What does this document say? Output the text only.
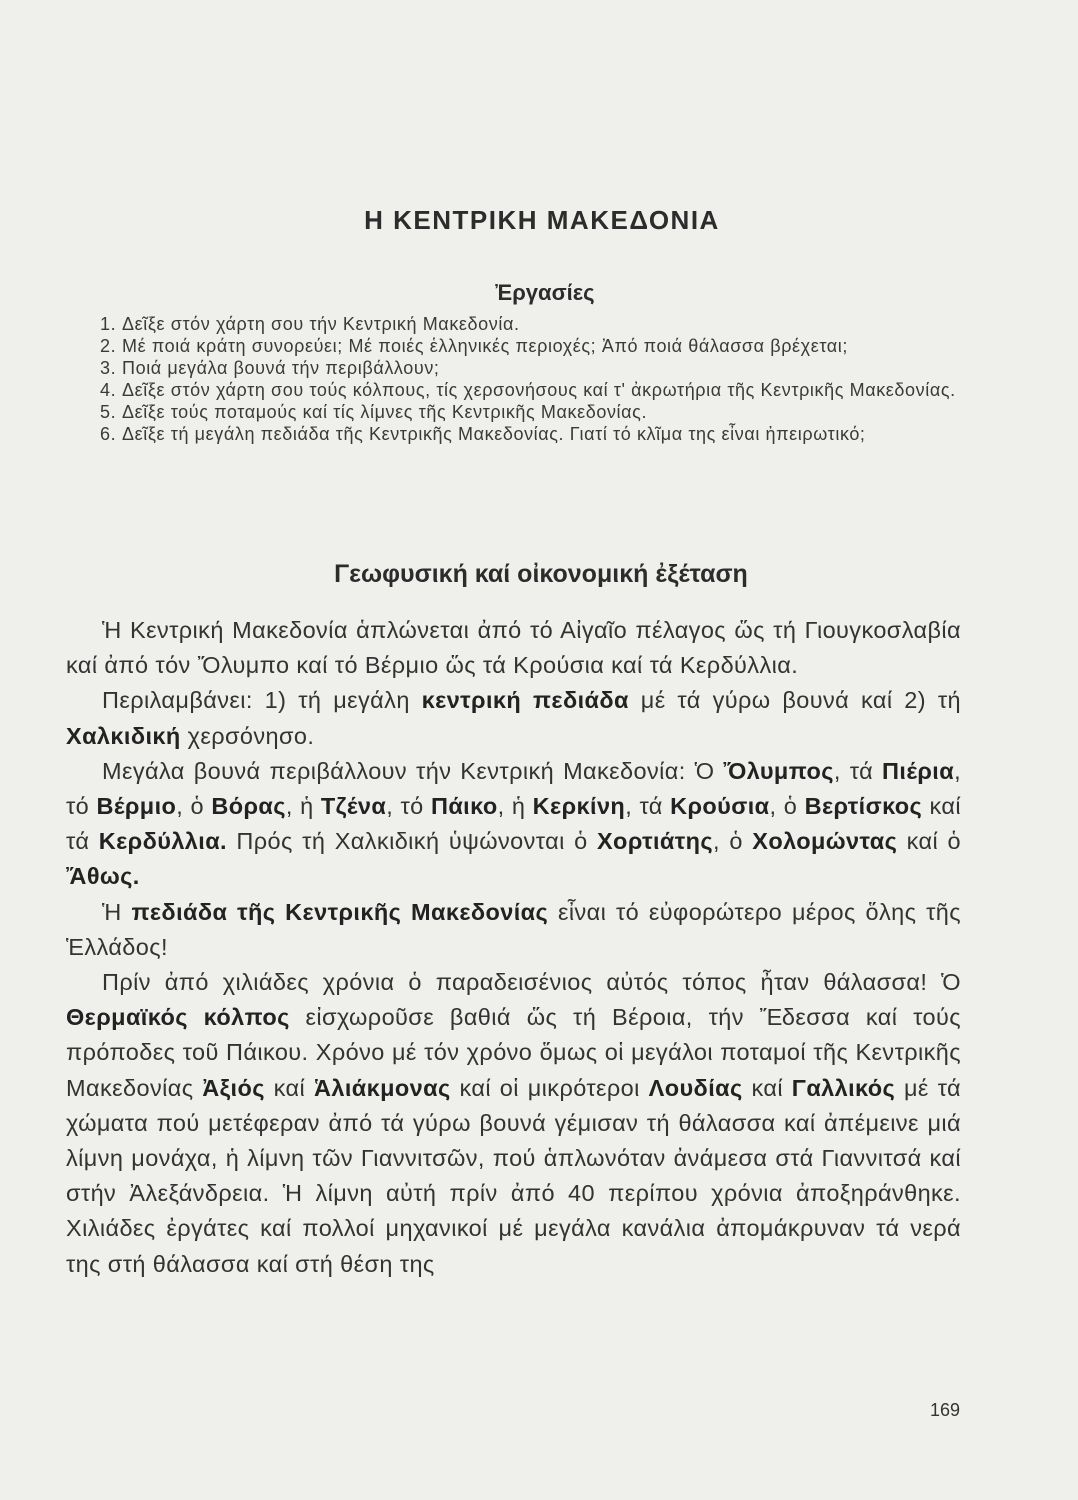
Η ΚΕΝΤΡΙΚΗ ΜΑΚΕΔΟΝΙΑ
Ἐργασίες
1. Δεῖξε στόν χάρτη σου τήν Κεντρική Μακεδονία.
2. Μέ ποιά κράτη συνορεύει; Μέ ποιές ἑλληνικές περιοχές; Ἀπό ποιά θάλασσα βρέχεται;
3. Ποιά μεγάλα βουνά τήν περιβάλλουν;
4. Δεῖξε στόν χάρτη σου τούς κόλπους, τίς χερσονήσους καί τ' ἀκρωτήρια τῆς Κεντρικῆς Μακεδονίας.
5. Δεῖξε τούς ποταμούς καί τίς λίμνες τῆς Κεντρικῆς Μακεδονίας.
6. Δεῖξε τή μεγάλη πεδιάδα τῆς Κεντρικῆς Μακεδονίας. Γιατί τό κλῖμα της εἶναι ἠπειρωτικό;
Γεωφυσική καί οἰκονομική ἐξέταση

Ἡ Κεντρική Μακεδονία ἁπλώνεται ἀπό τό Αἰγαῖο πέλαγος ὥς τή Γιουγκοσλαβία καί ἀπό τόν Ὄλυμπο καί τό Βέρμιο ὥς τά Κρούσια καί τά Κερδύλλια.

Περιλαμβάνει: 1) τή μεγάλη κεντρική πεδιάδα μέ τά γύρω βουνά καί 2) τή Χαλκιδική χερσόνησο.

Μεγάλα βουνά περιβάλλουν τήν Κεντρική Μακεδονία: Ὁ Ὄλυμπος, τά Πιέρια, τό Βέρμιο, ὁ Βόρας, ἡ Τζένα, τό Πάικο, ἡ Κερκίνη, τά Κρούσια, ὁ Βερτίσκος καί τά Κερδύλλια. Πρός τή Χαλκιδική ὑψώνονται ὁ Χορτιάτης, ὁ Χολομώντας καί ὁ Ἄθως.

Ἡ πεδιάδα τῆς Κεντρικῆς Μακεδονίας εἶναι τό εὐφορώτερο μέρος ὅλης τῆς Ἑλλάδος!

Πρίν ἀπό χιλιάδες χρόνια ὁ παραδεισένιος αὐτός τόπος ἦταν θάλασσα! Ὁ Θερμαϊκός κόλπος εἰσχωροῦσε βαθιά ὥς τή Βέροια, τήν Ἔδεσσα καί τούς πρόποδες τοῦ Πάικου. Χρόνο μέ τόν χρόνο ὅμως οἱ μεγάλοι ποταμοί τῆς Κεντρικῆς Μακεδονίας Ἀξιός καί Ἁλιάκμονας καί οἱ μικρότεροι Λουδίας καί Γαλλικός μέ τά χώματα πού μετέφεραν ἀπό τά γύρω βουνά γέμισαν τή θάλασσα καί ἀπέμεινε μιά λίμνη μονάχα, ἡ λίμνη τῶν Γιαννιτσῶν, πού ἁπλωνόταν ἀνάμεσα στά Γιαννιτσά καί στήν Ἀλεξάνδρεια. Ἡ λίμνη αὐτή πρίν ἀπό 40 περίπου χρόνια ἀποξηράνθηκε. Χιλιάδες ἐργάτες καί πολλοί μηχανικοί μέ μεγάλα κανάλια ἀπομάκρυναν τά νερά της στή θάλασσα καί στή θέση της

169
